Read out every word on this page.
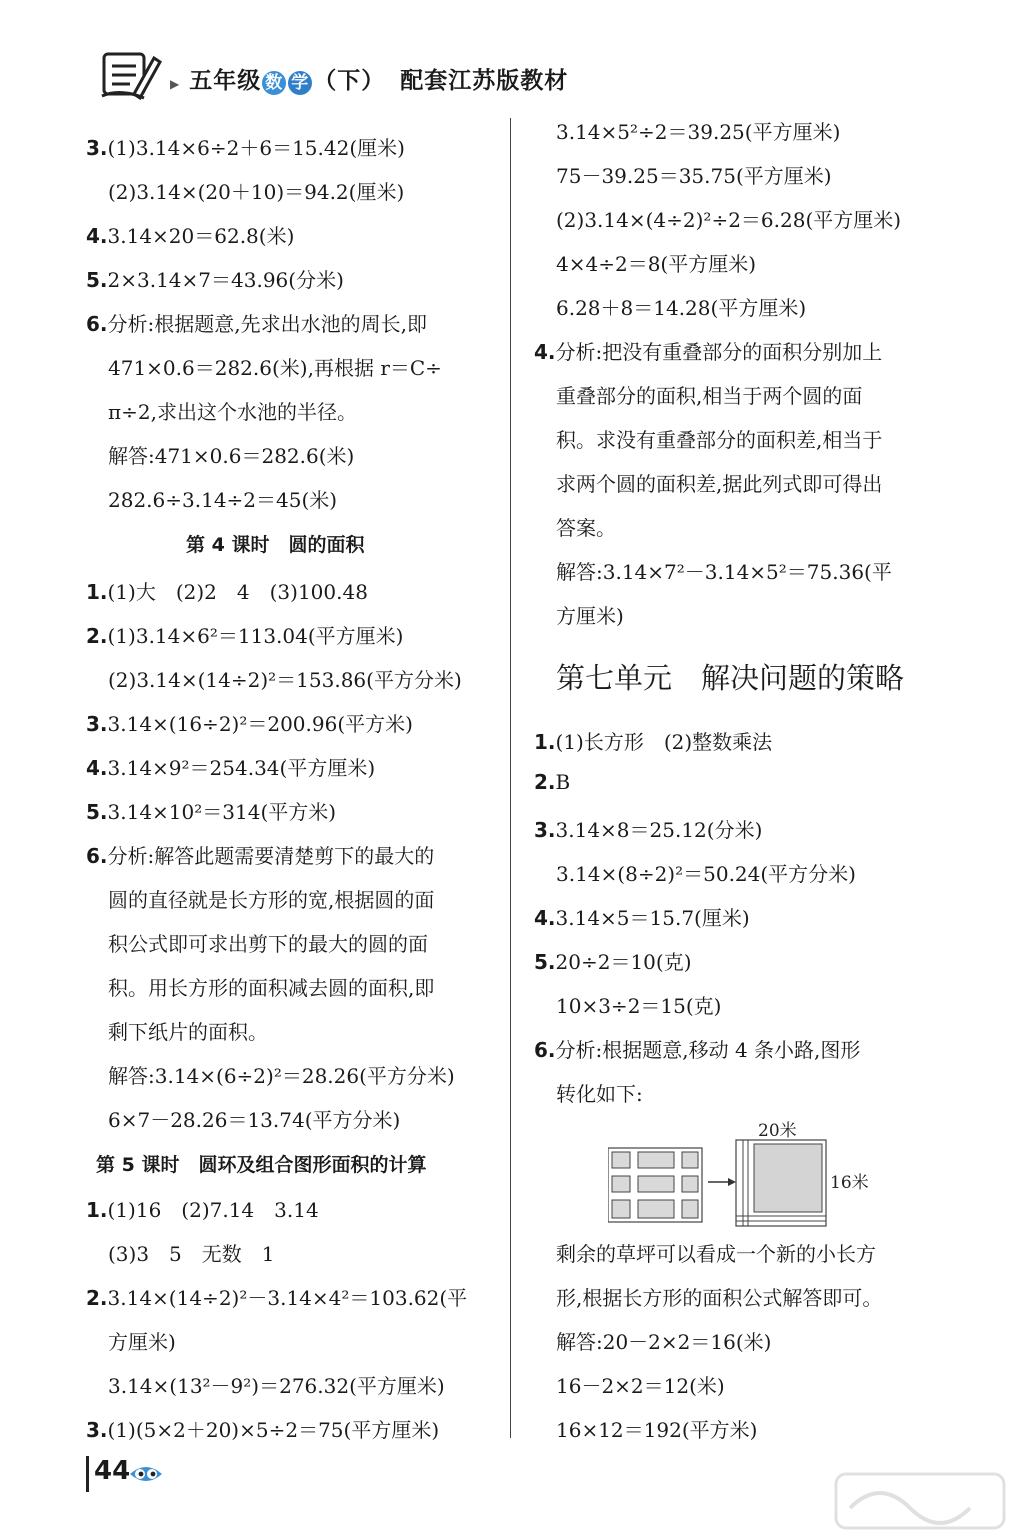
▶ 五年级 数 学 （下） 配套江苏版教材
3.(1)3.14×6÷2＋6＝15.42(厘米)
(2)3.14×(20＋10)＝94.2(厘米)
4.3.14×20＝62.8(米)
5.2×3.14×7＝43.96(分米)
6.分析:根据题意,先求出水池的周长,即
471×0.6＝282.6(米),再根据 r＝C÷
π÷2,求出这个水池的半径。
解答:471×0.6＝282.6(米)
282.6÷3.14÷2＝45(米)
第 4 课时　圆的面积
1.(1)大　(2)2　4　(3)100.48
2.(1)3.14×6²＝113.04(平方厘米)
(2)3.14×(14÷2)²＝153.86(平方分米)
3.3.14×(16÷2)²＝200.96(平方米)
4.3.14×9²＝254.34(平方厘米)
5.3.14×10²＝314(平方米)
6.分析:解答此题需要清楚剪下的最大的
圆的直径就是长方形的宽,根据圆的面
积公式即可求出剪下的最大的圆的面
积。用长方形的面积减去圆的面积,即
剩下纸片的面积。
解答:3.14×(6÷2)²＝28.26(平方分米)
6×7－28.26＝13.74(平方分米)
第 5 课时　圆环及组合图形面积的计算
1.(1)16　(2)7.14　3.14
(3)3　5　无数　1
2.3.14×(14÷2)²－3.14×4²＝103.62(平
方厘米)
3.14×(13²－9²)＝276.32(平方厘米)
3.(1)(5×2＋20)×5÷2＝75(平方厘米)
3.14×5²÷2＝39.25(平方厘米)
75－39.25＝35.75(平方厘米)
(2)3.14×(4÷2)²÷2＝6.28(平方厘米)
4×4÷2＝8(平方厘米)
6.28＋8＝14.28(平方厘米)
4.分析:把没有重叠部分的面积分别加上
重叠部分的面积,相当于两个圆的面
积。求没有重叠部分的面积差,相当于
求两个圆的面积差,据此列式即可得出
答案。
解答:3.14×7²－3.14×5²＝75.36(平
方厘米)
第七单元　解决问题的策略
1.(1)长方形　(2)整数乘法
2.B
3.3.14×8＝25.12(分米)
3.14×(8÷2)²＝50.24(平方分米)
4.3.14×5＝15.7(厘米)
5.20÷2＝10(克)
10×3÷2＝15(克)
6.分析:根据题意,移动 4 条小路,图形
转化如下:
剩余的草坪可以看成一个新的小长方
形,根据长方形的面积公式解答即可。
解答:20－2×2＝16(米)
16－2×2＝12(米)
16×12＝192(平方米)
20米
16米
44
